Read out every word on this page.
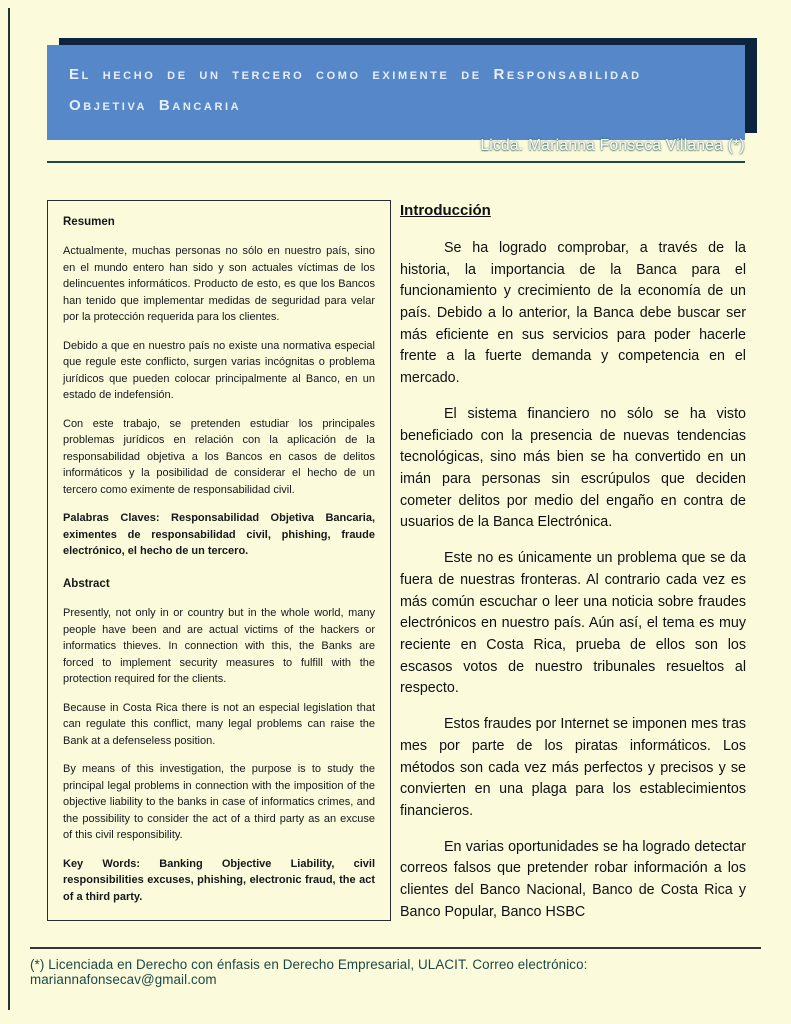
El hecho de un tercero como eximente de Responsabilidad Objetiva Bancaria
Licda. Marianna Fonseca Villanea (*)
Resumen

Actualmente, muchas personas no sólo en nuestro país, sino en el mundo entero han sido y son actuales víctimas de los delincuentes informáticos. Producto de esto, es que los Bancos han tenido que implementar medidas de seguridad para velar por la protección requerida para los clientes.

Debido a que en nuestro país no existe una normativa especial que regule este conflicto, surgen varias incógnitas o problema jurídicos que pueden colocar principalmente al Banco, en un estado de indefensión.

Con este trabajo, se pretenden estudiar los principales problemas jurídicos en relación con la aplicación de la responsabilidad objetiva a los Bancos en casos de delitos informáticos y la posibilidad de considerar el hecho de un tercero como eximente de responsabilidad civil.

Palabras Claves: Responsabilidad Objetiva Bancaria, eximentes de responsabilidad civil, phishing, fraude electrónico, el hecho de un tercero.

Abstract

Presently, not only in or country but in the whole world, many people have been and are actual victims of the hackers or informatics thieves. In connection with this, the Banks are forced to implement security measures to fulfill with the protection required for the clients.

Because in Costa Rica there is not an especial legislation that can regulate this conflict, many legal problems can raise the Bank at a defenseless position.

By means of this investigation, the purpose is to study the principal legal problems in connection with the imposition of the objective liability to the banks in case of informatics crimes, and the possibility to consider the act of a third party as an excuse of this civil responsibility.

Key Words: Banking Objective Liability, civil responsibilities excuses, phishing, electronic fraud, the act of a third party.

Introducción

Se ha logrado comprobar, a través de la historia, la importancia de la Banca para el funcionamiento y crecimiento de la economía de un país. Debido a lo anterior, la Banca debe buscar ser más eficiente en sus servicios para poder hacerle frente a la fuerte demanda y competencia en el mercado.

El sistema financiero no sólo se ha visto beneficiado con la presencia de nuevas tendencias tecnológicas, sino más bien se ha convertido en un imán para personas sin escrúpulos que deciden cometer delitos por medio del engaño en contra de usuarios de la Banca Electrónica.

Este no es únicamente un problema que se da fuera de nuestras fronteras. Al contrario cada vez es más común escuchar o leer una noticia sobre fraudes electrónicos en nuestro país. Aún así, el tema es muy reciente en Costa Rica, prueba de ellos son los escasos votos de nuestro tribunales resueltos al respecto.

Estos fraudes por Internet se imponen mes tras mes por parte de los piratas informáticos. Los métodos son cada vez más perfectos y precisos y se convierten en una plaga para los establecimientos financieros.

En varias oportunidades se ha logrado detectar correos falsos que pretender robar información a los clientes del Banco Nacional, Banco de Costa Rica y Banco Popular, Banco HSBC

(*) Licenciada en Derecho con énfasis en Derecho Empresarial, ULACIT. Correo electrónico: mariannafonsecav@gmail.com
